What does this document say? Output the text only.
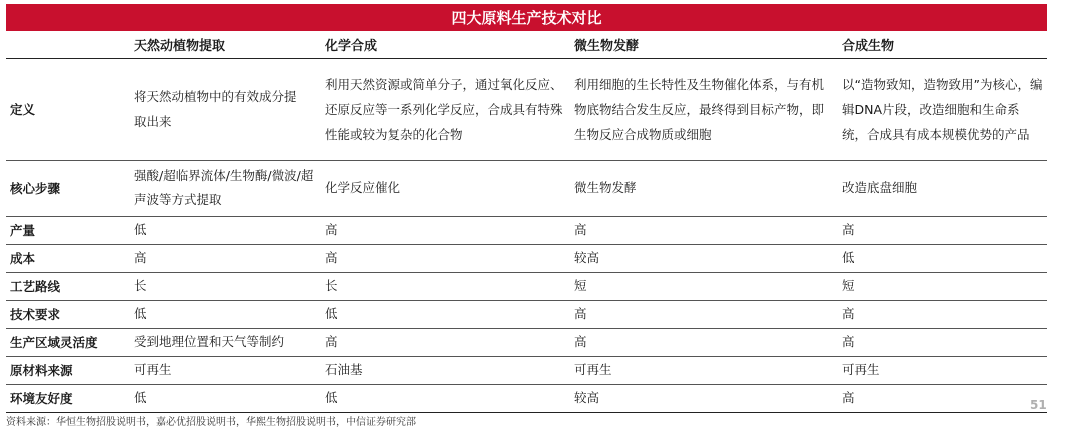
四大原料生产技术对比
	天然动植物提取	化学合成	微生物发酵	合成生物
定义	将天然动植物中的有效成分提取出来	利用天然资源或简单分子，通过氧化反应、还原反应等一系列化学反应，合成具有特殊性能或较为复杂的化合物	利用细胞的生长特性及生物催化体系，与有机物底物结合发生反应，最终得到目标产物，即生物反应合成物质或细胞	以“造物致知，造物致用”为核心，编辑DNA片段，改造细胞和生命系统，合成具有成本规模优势的产品
核心步骤	强酸/超临界流体/生物酶/微波/超声波等方式提取	化学反应催化	微生物发酵	改造底盘细胞
产量	低	高	高	高
成本	高	高	较高	低
工艺路线	长	长	短	短
技术要求	低	低	高	高
生产区域灵活度	受到地理位置和天气等制约	高	高	高
原材料来源	可再生	石油基	可再生	可再生
环境友好度	低	低	较高	高	51
资料来源：华恒生物招股说明书，嘉必优招股说明书，华熙生物招股说明书，中信证券研究部
